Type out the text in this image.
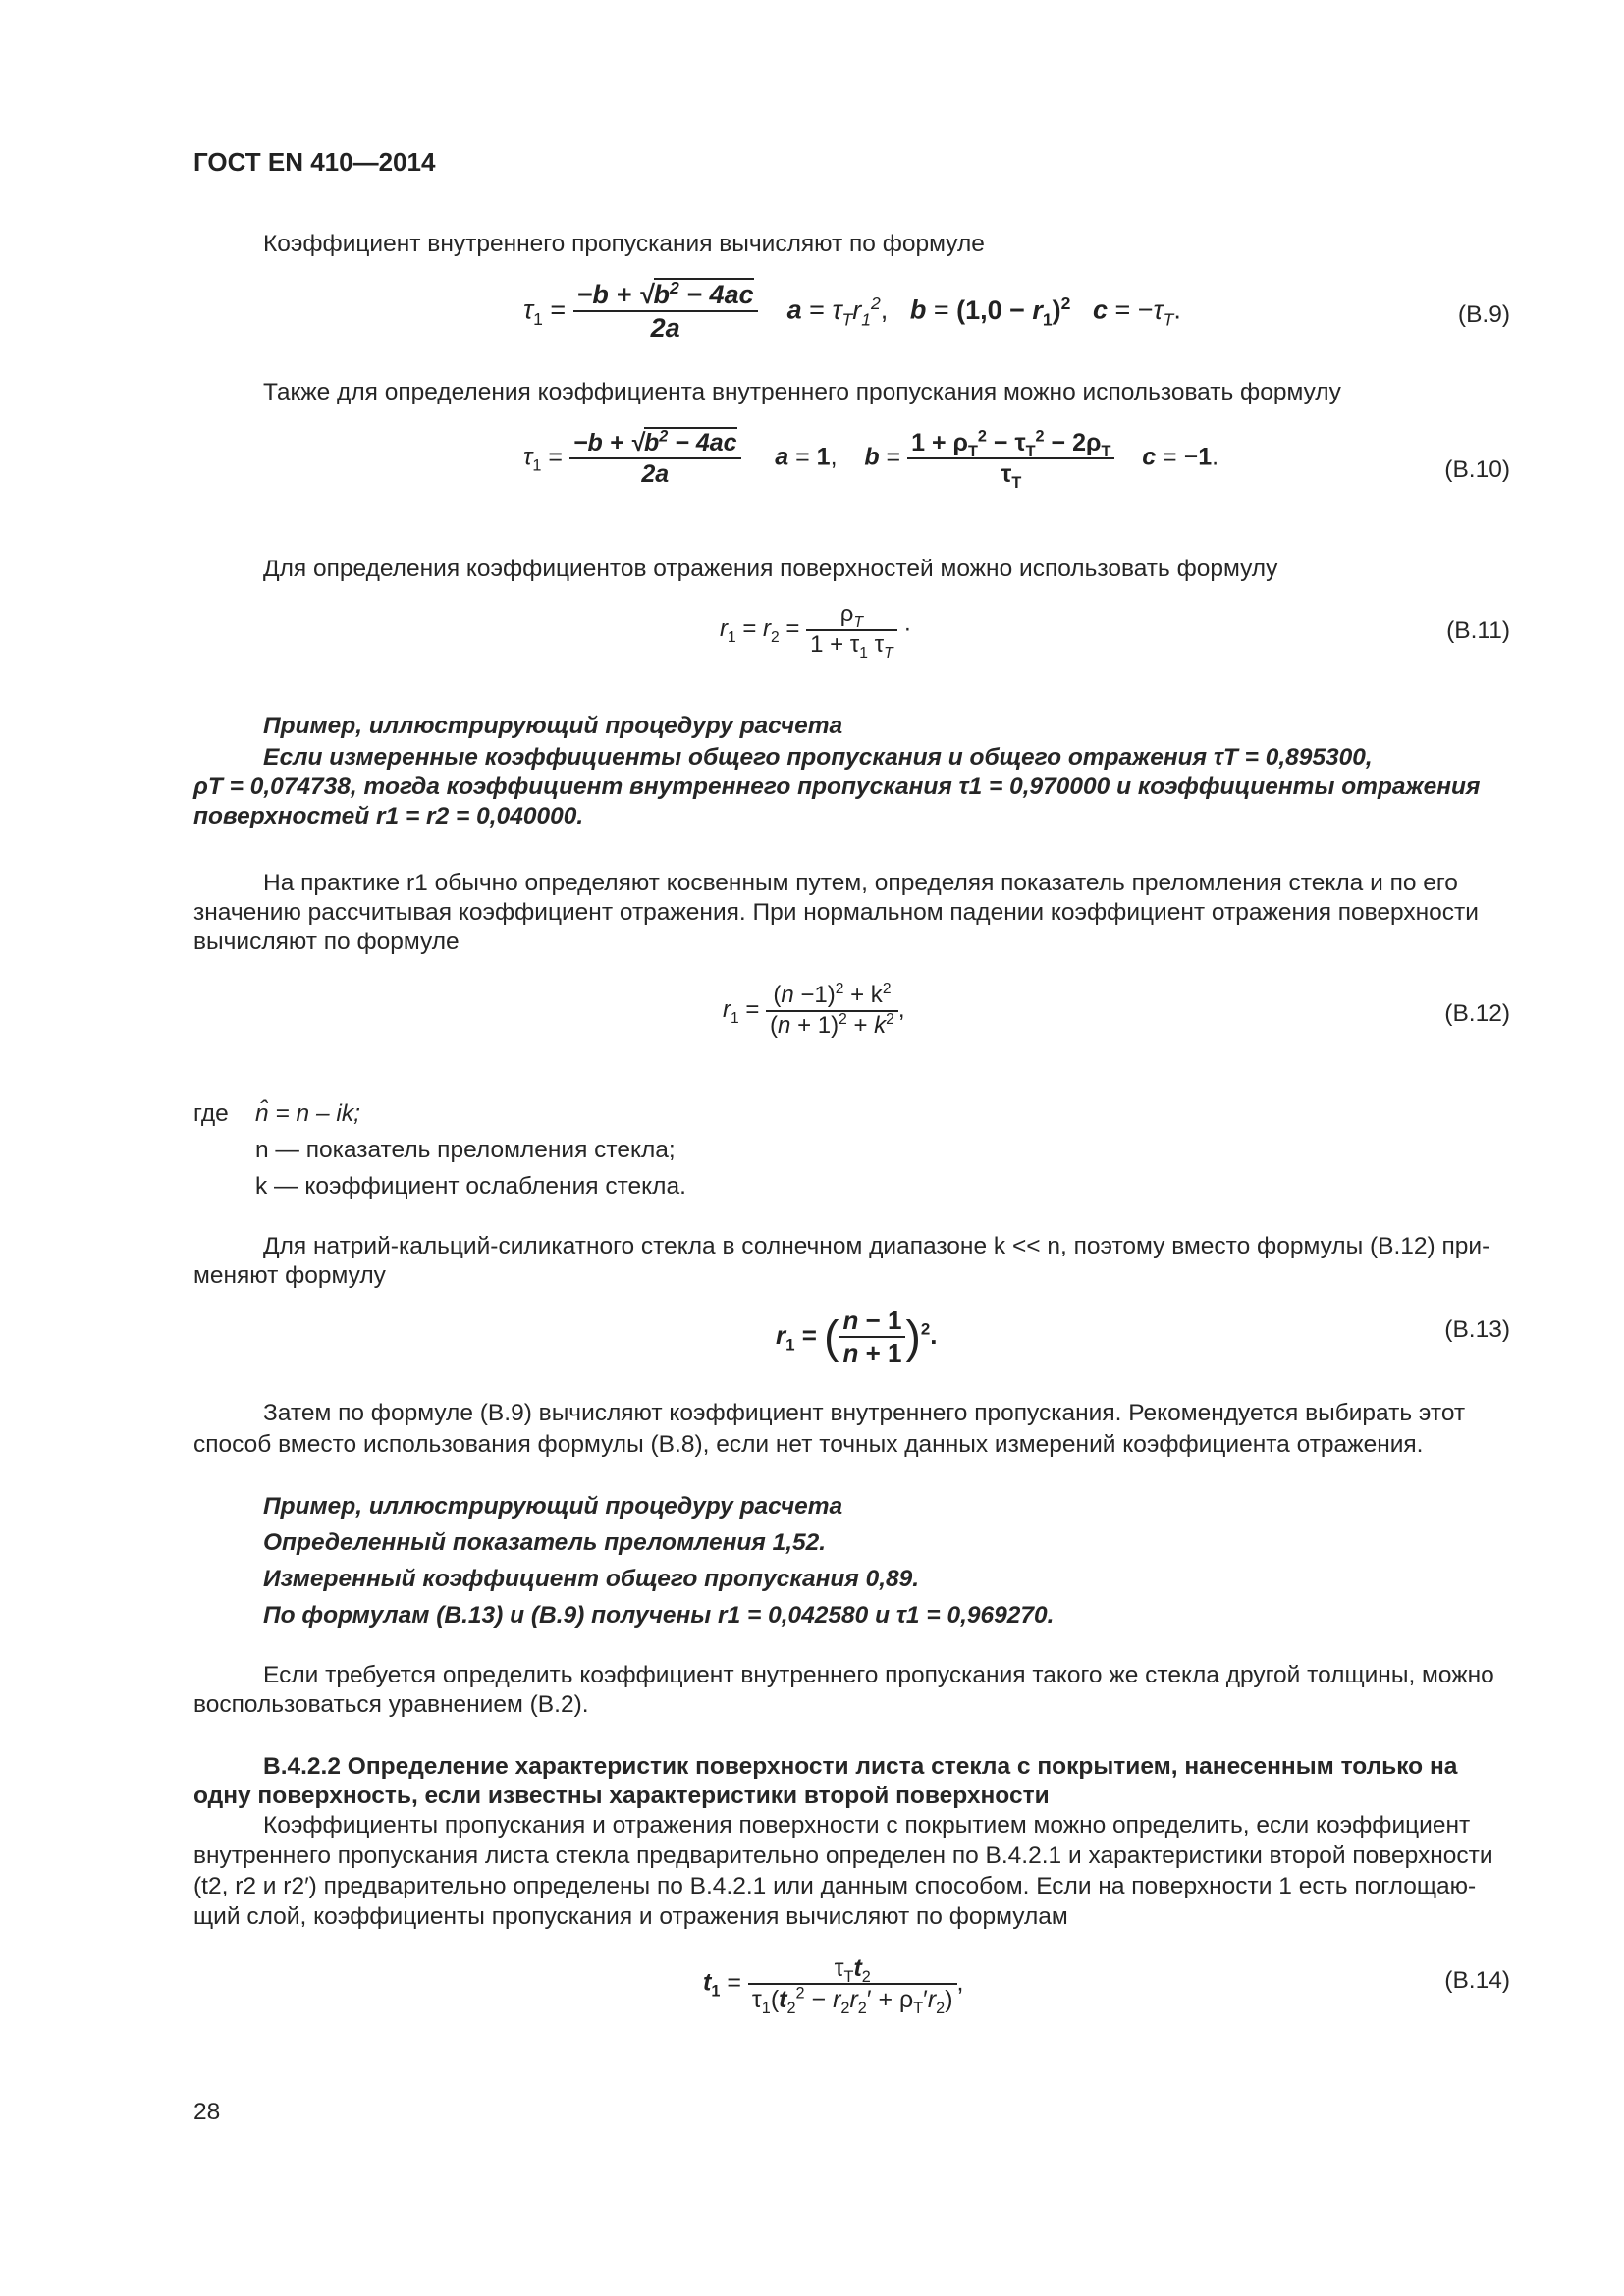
ГОСТ EN 410—2014
Коэффициент внутреннего пропускания вычисляют по формуле
$\tau_1 = \frac{-b + √b^2 - 4ac}{2a}$ $a = \tau_Tr_1^2$,   $b = (1,0 - r_1)^2$ $c = -\tau_T$.	(B.9)
Также для определения коэффициента внутреннего пропускания можно использовать формулу
$\tau_1 = \frac{-b + √b^2 - 4ac}{2a}$ a = 1,    $b = \frac{1 + \rho_T^2 - \tau_T^2 - 2\rho_T}{\tau_T}$ c = −1.	(B.10)
Для определения коэффициентов отражения поверхностей можно использовать формулу
$r_1 = r_2 = \frac{\rho_T}{1 + \tau_1 \tau_T}$ ·	(B.11)
Пример, иллюстрирующий процедуру расчета
Если измеренные коэффициенты общего пропускания и общего отражения τT = 0,895300,
ρT = 0,074738, тогда коэффициент внутреннего пропускания τ1 = 0,970000 и коэффициенты отражения
поверхностей r1 = r2 = 0,040000.
На практике r1 обычно определяют косвенным путем, определяя показатель преломления стекла и по его
значению рассчитывая коэффициент отражения. При нормальном падении коэффициент отражения поверхности
вычисляют по формуле
$r_1 = \frac{(n -1)^2 + k^2}{(n + 1)^2 + k^2}$ ,	(B.12)
где n̂ = n – ik;
n — показатель преломления стекла;
k — коэффициент ослабления стекла.
Для натрий-кальций-силикатного стекла в солнечном диапазоне k << n, поэтому вместо формулы (B.12) при-
меняют формулу
$r_1$ = ( $\frac{n - 1}{n + 1} )^2$.	(B.13)
Затем по формуле (B.9) вычисляют коэффициент внутреннего пропускания. Рекомендуется выбирать этот
способ вместо использования формулы (B.8), если нет точных данных измерений коэффициента отражения.
Пример, иллюстрирующий процедуру расчета
Определенный показатель преломления 1,52.
Измеренный коэффициент общего пропускания 0,89.
По формулам (B.13) и (B.9) получены r1 = 0,042580 и τ1 = 0,969270.
Если требуется определить коэффициент внутреннего пропускания такого же стекла другой толщины, можно
воспользоваться уравнением (B.2).
B.4.2.2 Определение характеристик поверхности листа стекла с покрытием, нанесенным только на
одну поверхность, если известны характеристики второй поверхности
Коэффициенты пропускания и отражения поверхности с покрытием можно определить, если коэффициент
внутреннего пропускания листа стекла предварительно определен по B.4.2.1 и характеристики второй поверхности
(t2, r2 и r2′) предварительно определены по B.4.2.1 или данным способом. Если на поверхности 1 есть поглощаю-
щий слой, коэффициенты пропускания и отражения вычисляют по формулам
$t_1 = \frac{\tau_Tt_2}{\tau_1(t_2^2 - r_2r_2' + \rho_T'r_2)}$ ,	(B.14)
28
